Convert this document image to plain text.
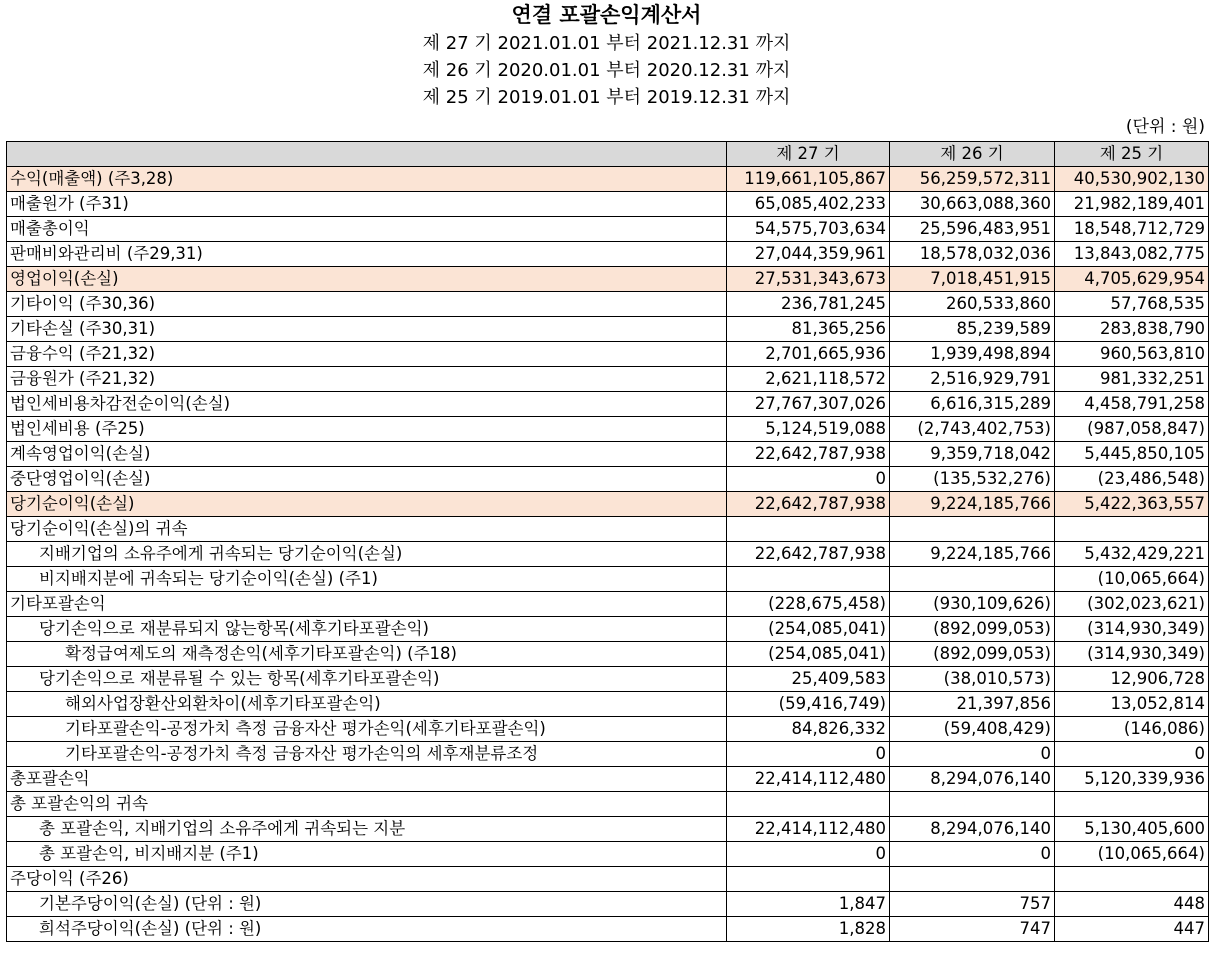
연결 포괄손익계산서
제 27 기 2021.01.01 부터 2021.12.31 까지
제 26 기 2020.01.01 부터 2020.12.31 까지
제 25 기 2019.01.01 부터 2019.12.31 까지
(단위 : 원)
	제 27 기	제 26 기	제 25 기
수익(매출액) (주3,28)	119,661,105,867	56,259,572,311	40,530,902,130
매출원가 (주31)	65,085,402,233	30,663,088,360	21,982,189,401
매출총이익	54,575,703,634	25,596,483,951	18,548,712,729
판매비와관리비 (주29,31)	27,044,359,961	18,578,032,036	13,843,082,775
영업이익(손실)	27,531,343,673	7,018,451,915	4,705,629,954
기타이익 (주30,36)	236,781,245	260,533,860	57,768,535
기타손실 (주30,31)	81,365,256	85,239,589	283,838,790
금융수익 (주21,32)	2,701,665,936	1,939,498,894	960,563,810
금융원가 (주21,32)	2,621,118,572	2,516,929,791	981,332,251
법인세비용차감전순이익(손실)	27,767,307,026	6,616,315,289	4,458,791,258
법인세비용 (주25)	5,124,519,088	(2,743,402,753)	(987,058,847)
계속영업이익(손실)	22,642,787,938	9,359,718,042	5,445,850,105
중단영업이익(손실)	0	(135,532,276)	(23,486,548)
당기순이익(손실)	22,642,787,938	9,224,185,766	5,422,363,557
당기순이익(손실)의 귀속			
지배기업의 소유주에게 귀속되는 당기순이익(손실)	22,642,787,938	9,224,185,766	5,432,429,221
비지배지분에 귀속되는 당기순이익(손실) (주1)			(10,065,664)
기타포괄손익	(228,675,458)	(930,109,626)	(302,023,621)
당기손익으로 재분류되지 않는항목(세후기타포괄손익)	(254,085,041)	(892,099,053)	(314,930,349)
확정급여제도의 재측정손익(세후기타포괄손익) (주18)	(254,085,041)	(892,099,053)	(314,930,349)
당기손익으로 재분류될 수 있는 항목(세후기타포괄손익)	25,409,583	(38,010,573)	12,906,728
해외사업장환산외환차이(세후기타포괄손익)	(59,416,749)	21,397,856	13,052,814
기타포괄손익-공정가치 측정 금융자산 평가손익(세후기타포괄손익)	84,826,332	(59,408,429)	(146,086)
기타포괄손익-공정가치 측정 금융자산 평가손익의 세후재분류조정	0	0	0
총포괄손익	22,414,112,480	8,294,076,140	5,120,339,936
총 포괄손익의 귀속			
총 포괄손익, 지배기업의 소유주에게 귀속되는 지분	22,414,112,480	8,294,076,140	5,130,405,600
총 포괄손익, 비지배지분 (주1)	0	0	(10,065,664)
주당이익 (주26)			
기본주당이익(손실) (단위 : 원)	1,847	757	448
희석주당이익(손실) (단위 : 원)	1,828	747	447
